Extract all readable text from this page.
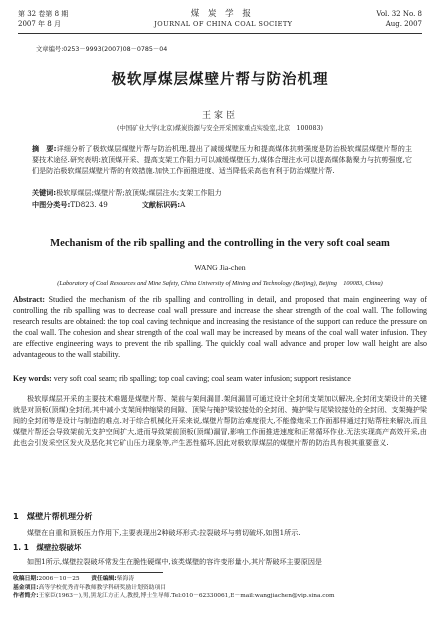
第 32 卷第 8 期	煤 炭 学 报	Vol. 32 No. 8
2007 年 8 月	JOURNAL OF CHINA COAL SOCIETY	Aug. 2007
文章编号:0253－9993(2007)08－0785－04
极软厚煤层煤壁片帮与防治机理
王家臣
(中国矿业大学(北京)煤炭资源与安全开采国家重点实验室,北京　100083)
摘　要:详细分析了极软煤层煤壁片帮与防治机理,提出了减缓煤壁压力和提高煤体抗剪强度是防治极软煤层煤壁片帮的主要技术途径.研究表明:放顶煤开采、提高支架工作阻力可以减缓煤壁压力,煤体合理注水可以提高煤体黏聚力与抗剪强度,它们是防治极软煤层煤壁片帮的有效措施.加快工作面推进度、适当降低采高也有利于防治煤壁片帮.
关键词:极软厚煤层;煤壁片帮;放顶煤;煤层注水;支架工作阻力
中图分类号:TD823. 49	文献标识码:A
Mechanism of the rib spalling and the controlling in the very soft coal seam
WANG Jia-chen
(Laboratory of Coal Resources and Mine Safety, China University of Mining and Technology (Beijing), Beijing　100083, China)
Abstract: Studied the mechanism of the rib spalling and controlling in detail, and proposed that main engineering way of controlling the rib spalling was to decrease coal wall pressure and increase the shear strength of the coal wall. The following research results are obtained: the top coal caving technique and increasing the resistance of the support can reduce the pressure on the coal wall. The cohesion and shear strength of the coal wall may be increased by means of the coal wall water infusion. They are effective engineering ways to prevent the rib spalling. The quickly coal wall advance and proper low wall height are also advantageous to the wall stability.
Key words: very soft coal seam; rib spalling; top coal caving; coal seam water infusion; support resistance
极软厚煤层开采的主要技术难题是煤壁片帮、架前与架间漏冒.架间漏冒可通过设计全封闭支架加以解决,全封闭支架设计的关键就是对顶板(顶煤)全封闭,其中减小支架间伸缩梁的间隙、顶梁与掩护梁铰接处的全封闭、掩护梁与尾梁铰接处的全封闭、支架掩护梁间的全封闭等是设计与制造的难点.对于综合机械化开采来说,煤壁片帮防治难度很大,不能像炮采工作面那样通过打贴帮柱来解决,而且煤壁片帮还会导致架前无支护空间扩大,进而导致架前顶板(顶煤)漏冒,影响工作面推进速度和正常循环作业.无法实现高产高效开采,由此也会引发采空区发火及恶化其它矿山压力现象等,产生恶性循环,因此对极软厚煤层的煤壁片帮的防治具有极其重要意义.
1　煤壁片帮机理分析
煤壁在自重和顶板压力作用下,主要表现出2种破坏形式:拉裂破坏与剪切破坏,如图1所示.
1. 1　煤壁拉裂破坏
如图1所示,煤壁拉裂破坏常发生在脆性硬煤中,该类煤壁的容许变形量小,其片帮破坏主要原因是
收稿日期:2006－10－25　　 责任编辑:柴海涛
基金项目:高等学校优秀青年教师教学科研奖励计划资助项目
作者简介:王家臣(1963－),男,黑龙江方正人,教授,博士生导师.Tel:010－62330061,E－mail:wangjiachen@vip.sina.com
